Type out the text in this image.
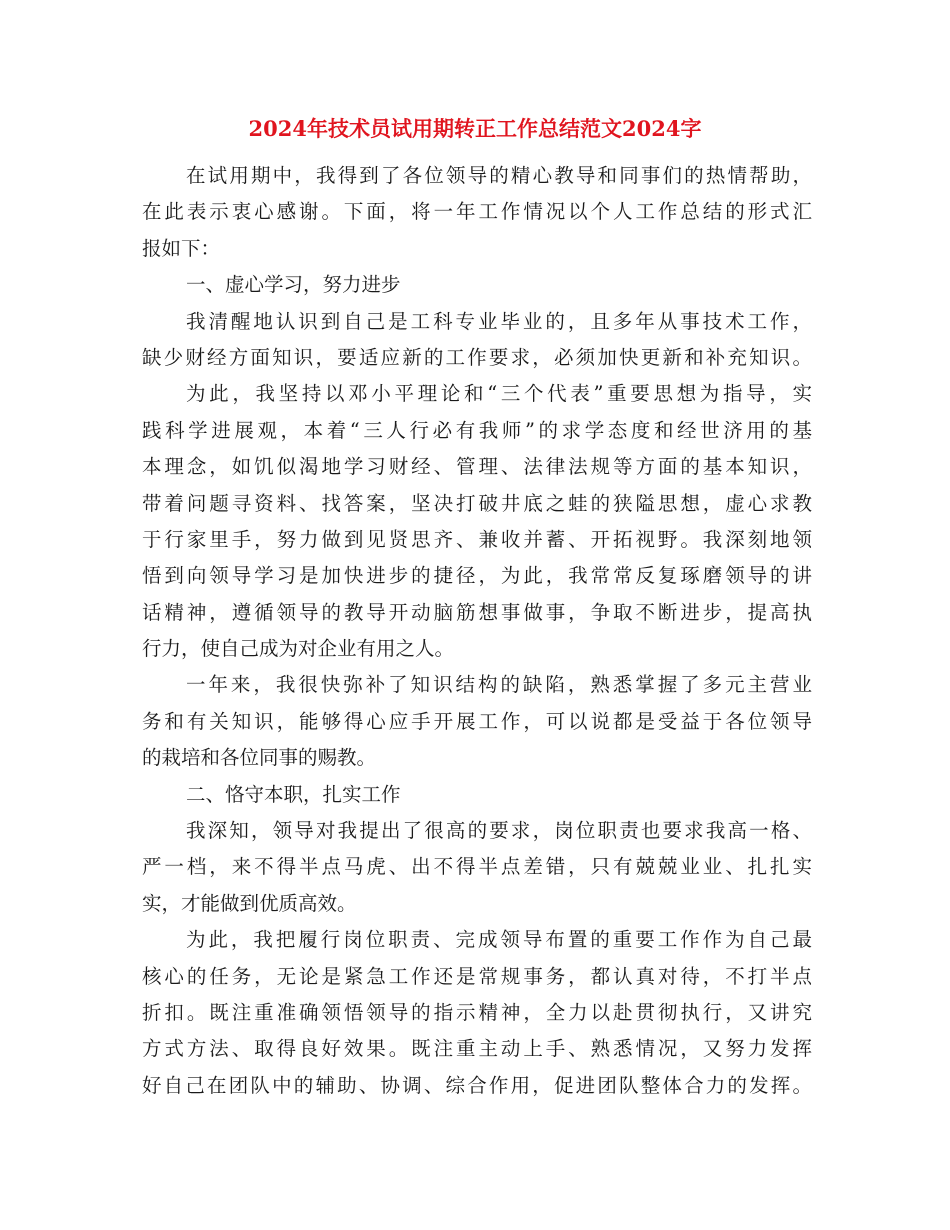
2024年技术员试用期转正工作总结范文2024字
在试用期中，我得到了各位领导的精心教导和同事们的热情帮助，
在此表示衷心感谢。下面，将一年工作情况以个人工作总结的形式汇
报如下：
一、虚心学习，努力进步
我清醒地认识到自己是工科专业毕业的，且多年从事技术工作，
缺少财经方面知识，要适应新的工作要求，必须加快更新和补充知识。
为此，我坚持以邓小平理论和“三个代表”重要思想为指导，实
践科学进展观，本着“三人行必有我师”的求学态度和经世济用的基
本理念，如饥似渴地学习财经、管理、法律法规等方面的基本知识，
带着问题寻资料、找答案，坚决打破井底之蛙的狭隘思想，虚心求教
于行家里手，努力做到见贤思齐、兼收并蓄、开拓视野。我深刻地领
悟到向领导学习是加快进步的捷径，为此，我常常反复琢磨领导的讲
话精神，遵循领导的教导开动脑筋想事做事，争取不断进步，提高执
行力，使自己成为对企业有用之人。
一年来，我很快弥补了知识结构的缺陷，熟悉掌握了多元主营业
务和有关知识，能够得心应手开展工作，可以说都是受益于各位领导
的栽培和各位同事的赐教。
二、恪守本职，扎实工作
我深知，领导对我提出了很高的要求，岗位职责也要求我高一格、
严一档，来不得半点马虎、出不得半点差错，只有兢兢业业、扎扎实
实，才能做到优质高效。
为此，我把履行岗位职责、完成领导布置的重要工作作为自己最
核心的任务，无论是紧急工作还是常规事务，都认真对待，不打半点
折扣。既注重准确领悟领导的指示精神，全力以赴贯彻执行，又讲究
方式方法、取得良好效果。既注重主动上手、熟悉情况，又努力发挥
好自己在团队中的辅助、协调、综合作用，促进团队整体合力的发挥。
